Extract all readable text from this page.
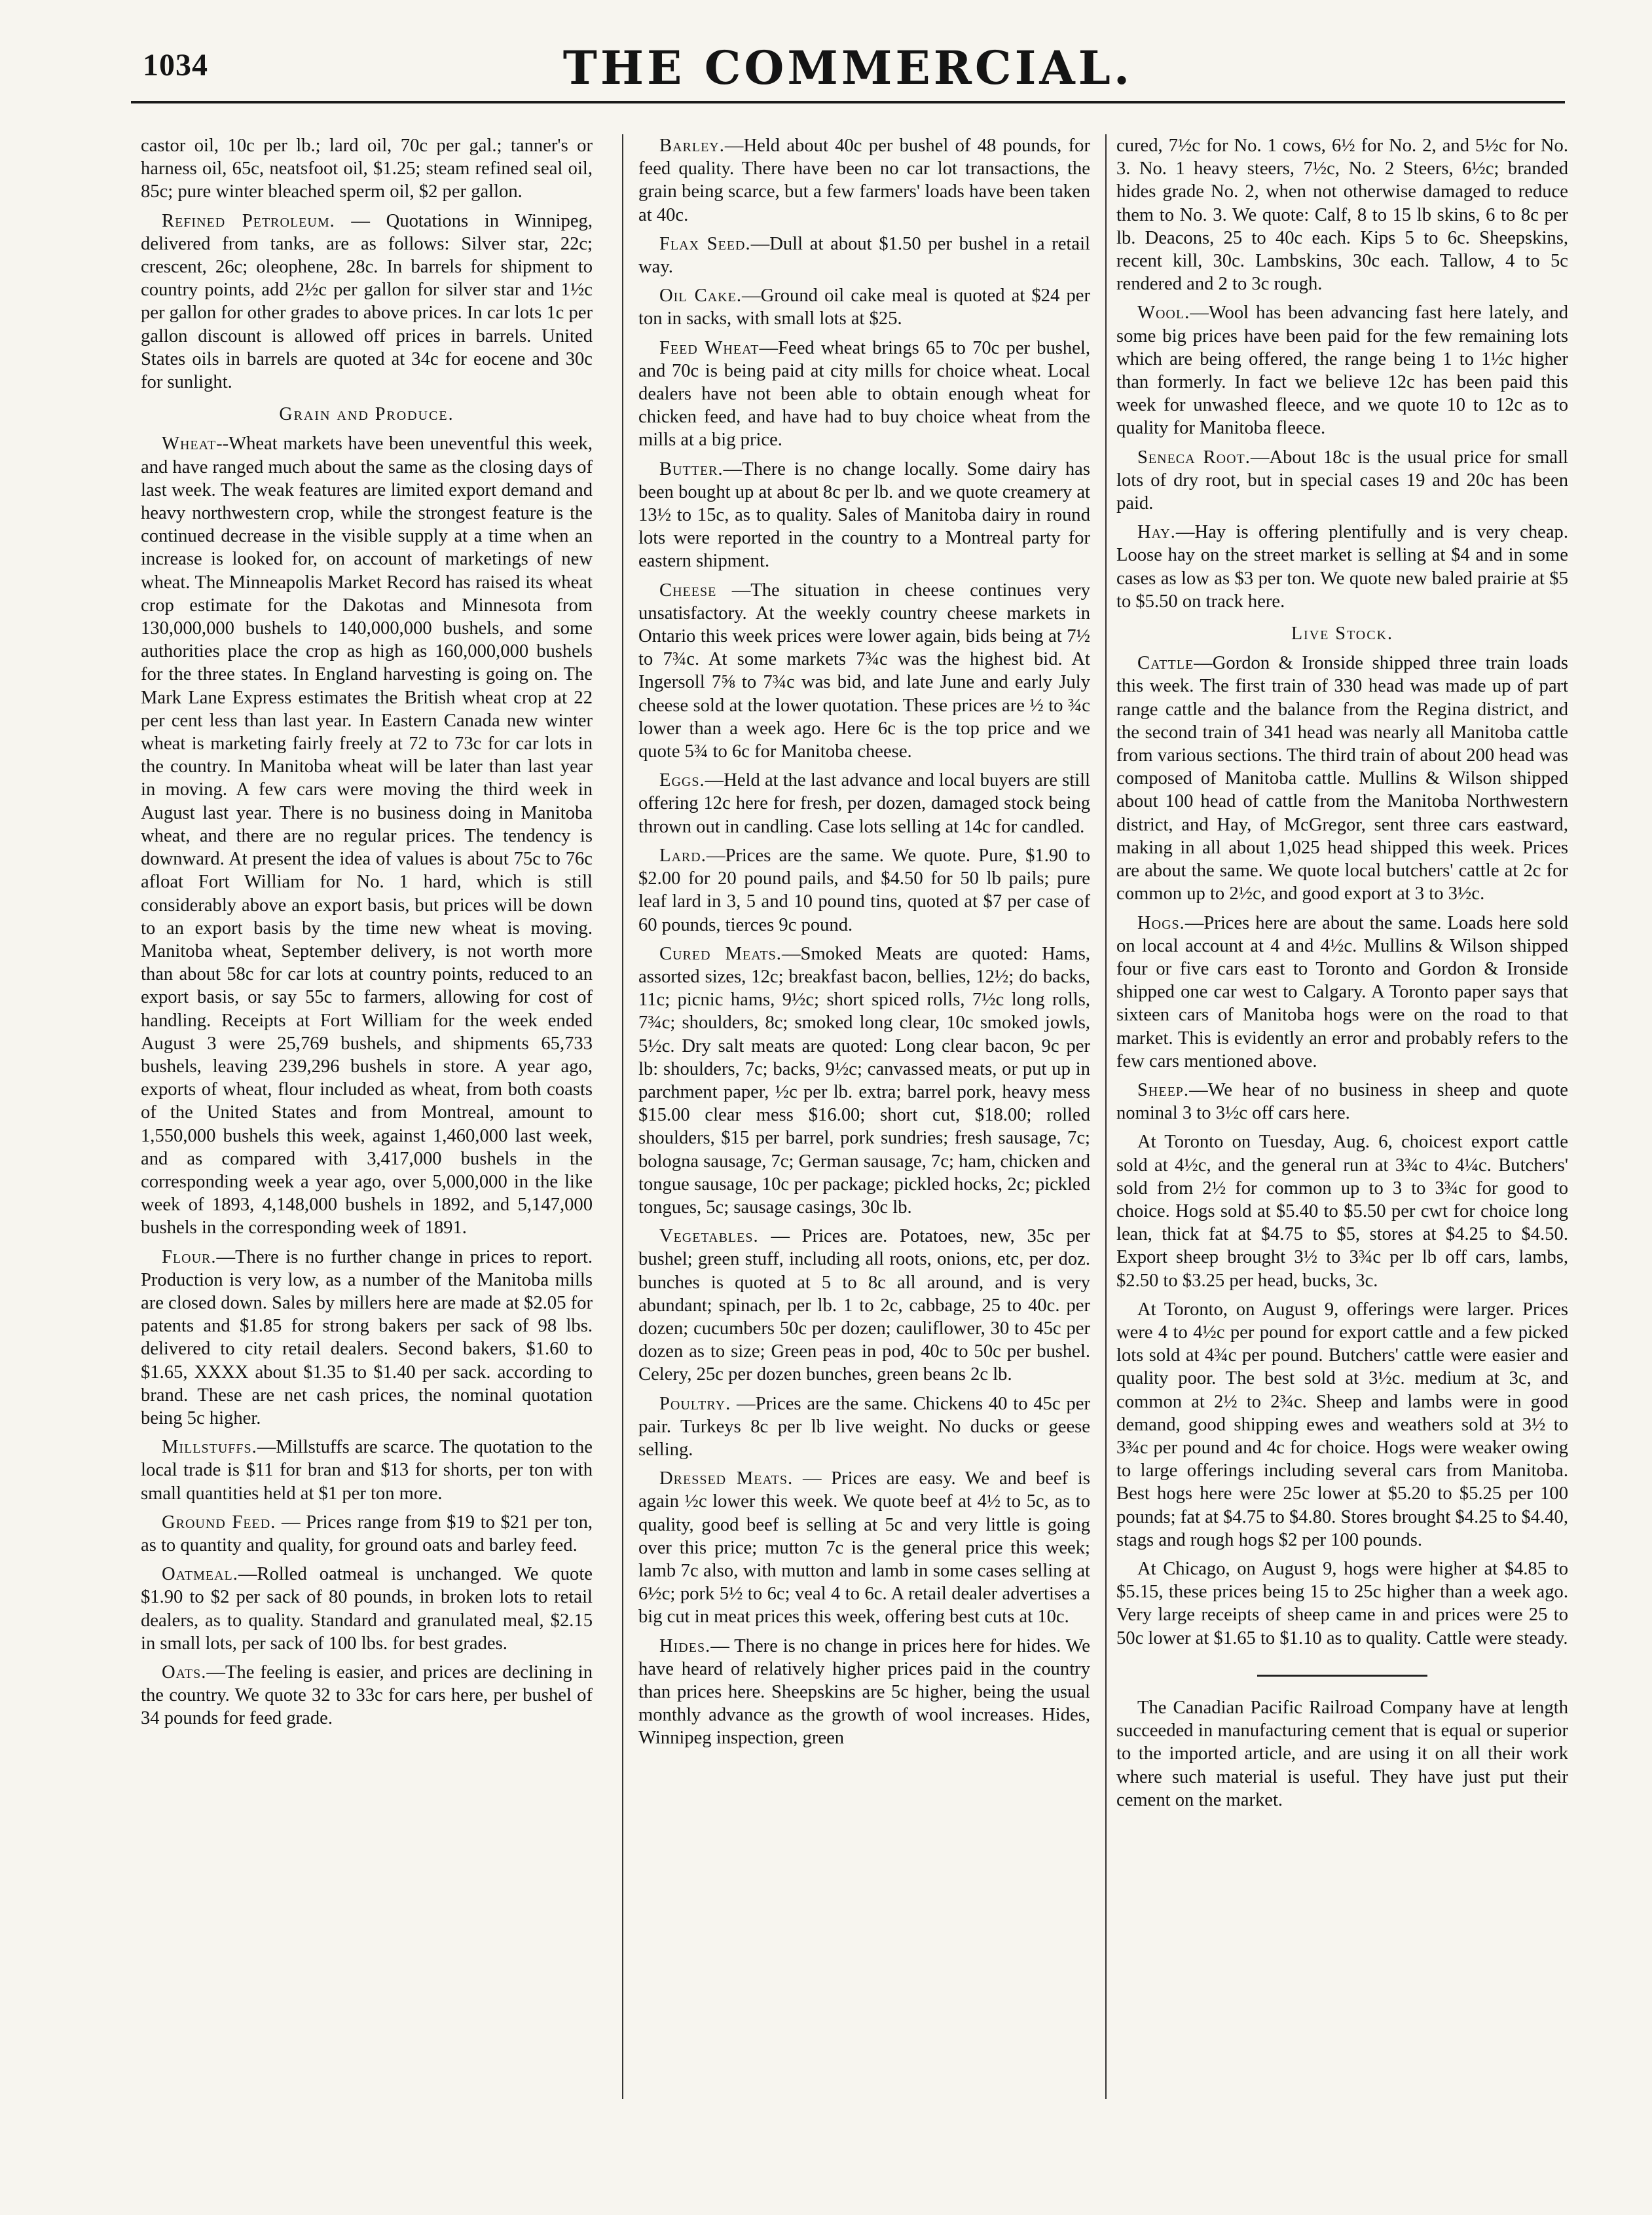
1034	THE COMMERCIAL.

castor oil, 10c per lb.; lard oil, 70c per gal.; tanner's or harness oil, 65c, neatsfoot oil, $1.25; steam refined seal oil, 85c; pure winter bleached sperm oil, $2 per gallon.

Refined Petroleum. — Quotations in Winnipeg, delivered from tanks, are as follows: Silver star, 22c; crescent, 26c; oleophene, 28c. In barrels for shipment to country points, add 2½c per gallon for silver star and 1½c per gallon for other grades to above prices. In car lots 1c per gallon discount is allowed off prices in barrels. United States oils in barrels are quoted at 34c for eocene and 30c for sunlight.

Grain and Produce.

Wheat--Wheat markets have been uneventful this week, and have ranged much about the same as the closing days of last week. The weak features are limited export demand and heavy northwestern crop, while the strongest feature is the continued decrease in the visible supply at a time when an increase is looked for, on account of marketings of new wheat. The Minneapolis Market Record has raised its wheat crop estimate for the Dakotas and Minnesota from 130,000,000 bushels to 140,000,000 bushels, and some authorities place the crop as high as 160,000,000 bushels for the three states. In England harvesting is going on. The Mark Lane Express estimates the British wheat crop at 22 per cent less than last year. In Eastern Canada new winter wheat is marketing fairly freely at 72 to 73c for car lots in the country. In Manitoba wheat will be later than last year in moving. A few cars were moving the third week in August last year. There is no business doing in Manitoba wheat, and there are no regular prices. The tendency is downward. At present the idea of values is about 75c to 76c afloat Fort William for No. 1 hard, which is still considerably above an export basis, but prices will be down to an export basis by the time new wheat is moving. Manitoba wheat, September delivery, is not worth more than about 58c for car lots at country points, reduced to an export basis, or say 55c to farmers, allowing for cost of handling. Receipts at Fort William for the week ended August 3 were 25,769 bushels, and shipments 65,733 bushels, leaving 239,296 bushels in store. A year ago, exports of wheat, flour included as wheat, from both coasts of the United States and from Montreal, amount to 1,550,000 bushels this week, against 1,460,000 last week, and as compared with 3,417,000 bushels in the corresponding week a year ago, over 5,000,000 in the like week of 1893, 4,148,000 bushels in 1892, and 5,147,000 bushels in the corresponding week of 1891.

Flour.—There is no further change in prices to report. Production is very low, as a number of the Manitoba mills are closed down. Sales by millers here are made at $2.05 for patents and $1.85 for strong bakers per sack of 98 lbs. delivered to city retail dealers. Second bakers, $1.60 to $1.65, XXXX about $1.35 to $1.40 per sack. according to brand. These are net cash prices, the nominal quotation being 5c higher.

Millstuffs.—Millstuffs are scarce. The quotation to the local trade is $11 for bran and $13 for shorts, per ton with small quantities held at $1 per ton more.

Ground Feed. — Prices range from $19 to $21 per ton, as to quantity and quality, for ground oats and barley feed.

Oatmeal.—Rolled oatmeal is unchanged. We quote $1.90 to $2 per sack of 80 pounds, in broken lots to retail dealers, as to quality. Standard and granulated meal, $2.15 in small lots, per sack of 100 lbs. for best grades.

Oats.—The feeling is easier, and prices are declining in the country. We quote 32 to 33c for cars here, per bushel of 34 pounds for feed grade.

Barley.—Held about 40c per bushel of 48 pounds, for feed quality. There have been no car lot transactions, the grain being scarce, but a few farmers' loads have been taken at 40c.

Flax Seed.—Dull at about $1.50 per bushel in a retail way.

Oil Cake.—Ground oil cake meal is quoted at $24 per ton in sacks, with small lots at $25.

Feed Wheat—Feed wheat brings 65 to 70c per bushel, and 70c is being paid at city mills for choice wheat. Local dealers have not been able to obtain enough wheat for chicken feed, and have had to buy choice wheat from the mills at a big price.

Butter.—There is no change locally. Some dairy has been bought up at about 8c per lb. and we quote creamery at 13½ to 15c, as to quality. Sales of Manitoba dairy in round lots were reported in the country to a Montreal party for eastern shipment.

Cheese —The situation in cheese continues very unsatisfactory. At the weekly country cheese markets in Ontario this week prices were lower again, bids being at 7½ to 7¾c. At some markets 7¾c was the highest bid. At Ingersoll 7⅝ to 7¾c was bid, and late June and early July cheese sold at the lower quotation. These prices are ½ to ¾c lower than a week ago. Here 6c is the top price and we quote 5¾ to 6c for Manitoba cheese.

Eggs.—Held at the last advance and local buyers are still offering 12c here for fresh, per dozen, damaged stock being thrown out in candling. Case lots selling at 14c for candled.

Lard.—Prices are the same. We quote. Pure, $1.90 to $2.00 for 20 pound pails, and $4.50 for 50 lb pails; pure leaf lard in 3, 5 and 10 pound tins, quoted at $7 per case of 60 pounds, tierces 9c pound.

Cured Meats.—Smoked Meats are quoted: Hams, assorted sizes, 12c; breakfast bacon, bellies, 12½; do backs, 11c; picnic hams, 9½c; short spiced rolls, 7½c long rolls, 7¾c; shoulders, 8c; smoked long clear, 10c smoked jowls, 5½c. Dry salt meats are quoted: Long clear bacon, 9c per lb: shoulders, 7c; backs, 9½c; canvassed meats, or put up in parchment paper, ½c per lb. extra; barrel pork, heavy mess $15.00 clear mess $16.00; short cut, $18.00; rolled shoulders, $15 per barrel, pork sundries; fresh sausage, 7c; bologna sausage, 7c; German sausage, 7c; ham, chicken and tongue sausage, 10c per package; pickled hocks, 2c; pickled tongues, 5c; sausage casings, 30c lb.

Vegetables. — Prices are. Potatoes, new, 35c per bushel; green stuff, including all roots, onions, etc, per doz. bunches is quoted at 5 to 8c all around, and is very abundant; spinach, per lb. 1 to 2c, cabbage, 25 to 40c. per dozen; cucumbers 50c per dozen; cauliflower, 30 to 45c per dozen as to size; Green peas in pod, 40c to 50c per bushel. Celery, 25c per dozen bunches, green beans 2c lb.

Poultry. —Prices are the same. Chickens 40 to 45c per pair. Turkeys 8c per lb live weight. No ducks or geese selling.

Dressed Meats. — Prices are easy. We and beef is again ½c lower this week. We quote beef at 4½ to 5c, as to quality, good beef is selling at 5c and very little is going over this price; mutton 7c is the general price this week; lamb 7c also, with mutton and lamb in some cases selling at 6½c; pork 5½ to 6c; veal 4 to 6c. A retail dealer advertises a big cut in meat prices this week, offering best cuts at 10c.

Hides.— There is no change in prices here for hides. We have heard of relatively higher prices paid in the country than prices here. Sheepskins are 5c higher, being the usual monthly advance as the growth of wool increases. Hides, Winnipeg inspection, green

cured, 7½c for No. 1 cows, 6½ for No. 2, and 5½c for No. 3. No. 1 heavy steers, 7½c, No. 2 Steers, 6½c; branded hides grade No. 2, when not otherwise damaged to reduce them to No. 3. We quote: Calf, 8 to 15 lb skins, 6 to 8c per lb. Deacons, 25 to 40c each. Kips 5 to 6c. Sheepskins, recent kill, 30c. Lambskins, 30c each. Tallow, 4 to 5c rendered and 2 to 3c rough.

Wool.—Wool has been advancing fast here lately, and some big prices have been paid for the few remaining lots which are being offered, the range being 1 to 1½c higher than formerly. In fact we believe 12c has been paid this week for unwashed fleece, and we quote 10 to 12c as to quality for Manitoba fleece.

Seneca Root.—About 18c is the usual price for small lots of dry root, but in special cases 19 and 20c has been paid.

Hay.—Hay is offering plentifully and is very cheap. Loose hay on the street market is selling at $4 and in some cases as low as $3 per ton. We quote new baled prairie at $5 to $5.50 on track here.

Live Stock.

Cattle—Gordon & Ironside shipped three train loads this week. The first train of 330 head was made up of part range cattle and the balance from the Regina district, and the second train of 341 head was nearly all Manitoba cattle from various sections. The third train of about 200 head was composed of Manitoba cattle. Mullins & Wilson shipped about 100 head of cattle from the Manitoba Northwestern district, and Hay, of McGregor, sent three cars eastward, making in all about 1,025 head shipped this week. Prices are about the same. We quote local butchers' cattle at 2c for common up to 2½c, and good export at 3 to 3½c.

Hogs.—Prices here are about the same. Loads here sold on local account at 4 and 4½c. Mullins & Wilson shipped four or five cars east to Toronto and Gordon & Ironside shipped one car west to Calgary. A Toronto paper says that sixteen cars of Manitoba hogs were on the road to that market. This is evidently an error and probably refers to the few cars mentioned above.

Sheep.—We hear of no business in sheep and quote nominal 3 to 3½c off cars here.

At Toronto on Tuesday, Aug. 6, choicest export cattle sold at 4½c, and the general run at 3¾c to 4¼c. Butchers' sold from 2½ for common up to 3 to 3¾c for good to choice. Hogs sold at $5.40 to $5.50 per cwt for choice long lean, thick fat at $4.75 to $5, stores at $4.25 to $4.50. Export sheep brought 3½ to 3¾c per lb off cars, lambs, $2.50 to $3.25 per head, bucks, 3c.

At Toronto, on August 9, offerings were larger. Prices were 4 to 4½c per pound for export cattle and a few picked lots sold at 4¾c per pound. Butchers' cattle were easier and quality poor. The best sold at 3½c. medium at 3c, and common at 2½ to 2¾c. Sheep and lambs were in good demand, good shipping ewes and weathers sold at 3½ to 3¾c per pound and 4c for choice. Hogs were weaker owing to large offerings including several cars from Manitoba. Best hogs here were 25c lower at $5.20 to $5.25 per 100 pounds; fat at $4.75 to $4.80. Stores brought $4.25 to $4.40, stags and rough hogs $2 per 100 pounds.

At Chicago, on August 9, hogs were higher at $4.85 to $5.15, these prices being 15 to 25c higher than a week ago. Very large receipts of sheep came in and prices were 25 to 50c lower at $1.65 to $1.10 as to quality. Cattle were steady.

The Canadian Pacific Railroad Company have at length succeeded in manufacturing cement that is equal or superior to the imported article, and are using it on all their work where such material is useful. They have just put their cement on the market.
